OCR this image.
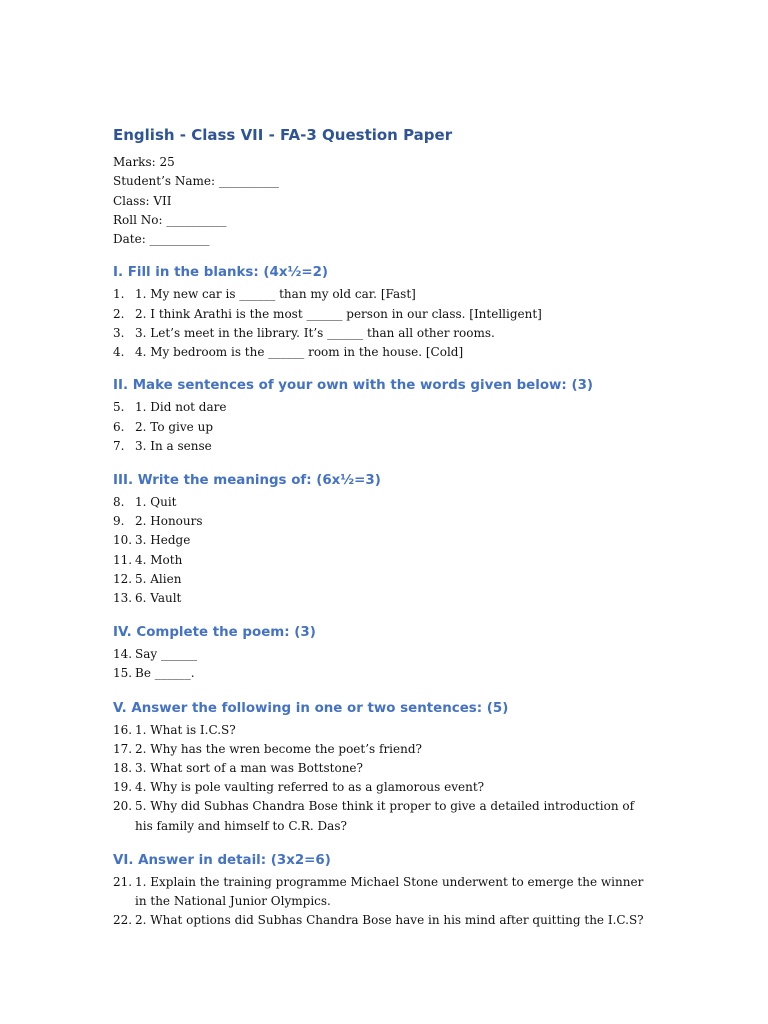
English - Class VII - FA-3 Question Paper
Marks: 25
Student’s Name: __________
Class: VII
Roll No: __________
Date: __________
I. Fill in the blanks: (4x½=2)
1. 1. My new car is ______ than my old car. [Fast]
2. 2. I think Arathi is the most ______ person in our class. [Intelligent]
3. 3. Let’s meet in the library. It’s ______ than all other rooms.
4. 4. My bedroom is the ______ room in the house. [Cold]
II. Make sentences of your own with the words given below: (3)
5. 1. Did not dare
6. 2. To give up
7. 3. In a sense
III. Write the meanings of: (6x½=3)
8. 1. Quit
9. 2. Honours
10. 3. Hedge
11. 4. Moth
12. 5. Alien
13. 6. Vault
IV. Complete the poem: (3)
14. Say ______
15. Be ______.
V. Answer the following in one or two sentences: (5)
16. 1. What is I.C.S?
17. 2. Why has the wren become the poet’s friend?
18. 3. What sort of a man was Bottstone?
19. 4. Why is pole vaulting referred to as a glamorous event?
20. 5. Why did Subhas Chandra Bose think it proper to give a detailed introduction of his family and himself to C.R. Das?
VI. Answer in detail: (3x2=6)
21. 1. Explain the training programme Michael Stone underwent to emerge the winner in the National Junior Olympics.
22. 2. What options did Subhas Chandra Bose have in his mind after quitting the I.C.S?
